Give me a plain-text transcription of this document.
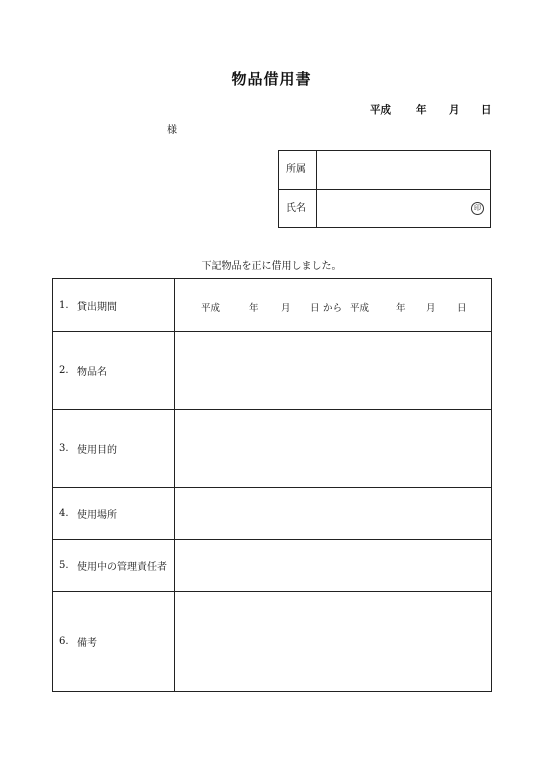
物品借用書
平成 年 月 日
様
所属
氏名	印
下記物品を正に借用しました。
1. 貸出期間	平成	年 月 日 から 平成	年 月 日
2. 物品名
3. 使用目的
4. 使用場所
5. 使用中の管理責任者
6. 備考
